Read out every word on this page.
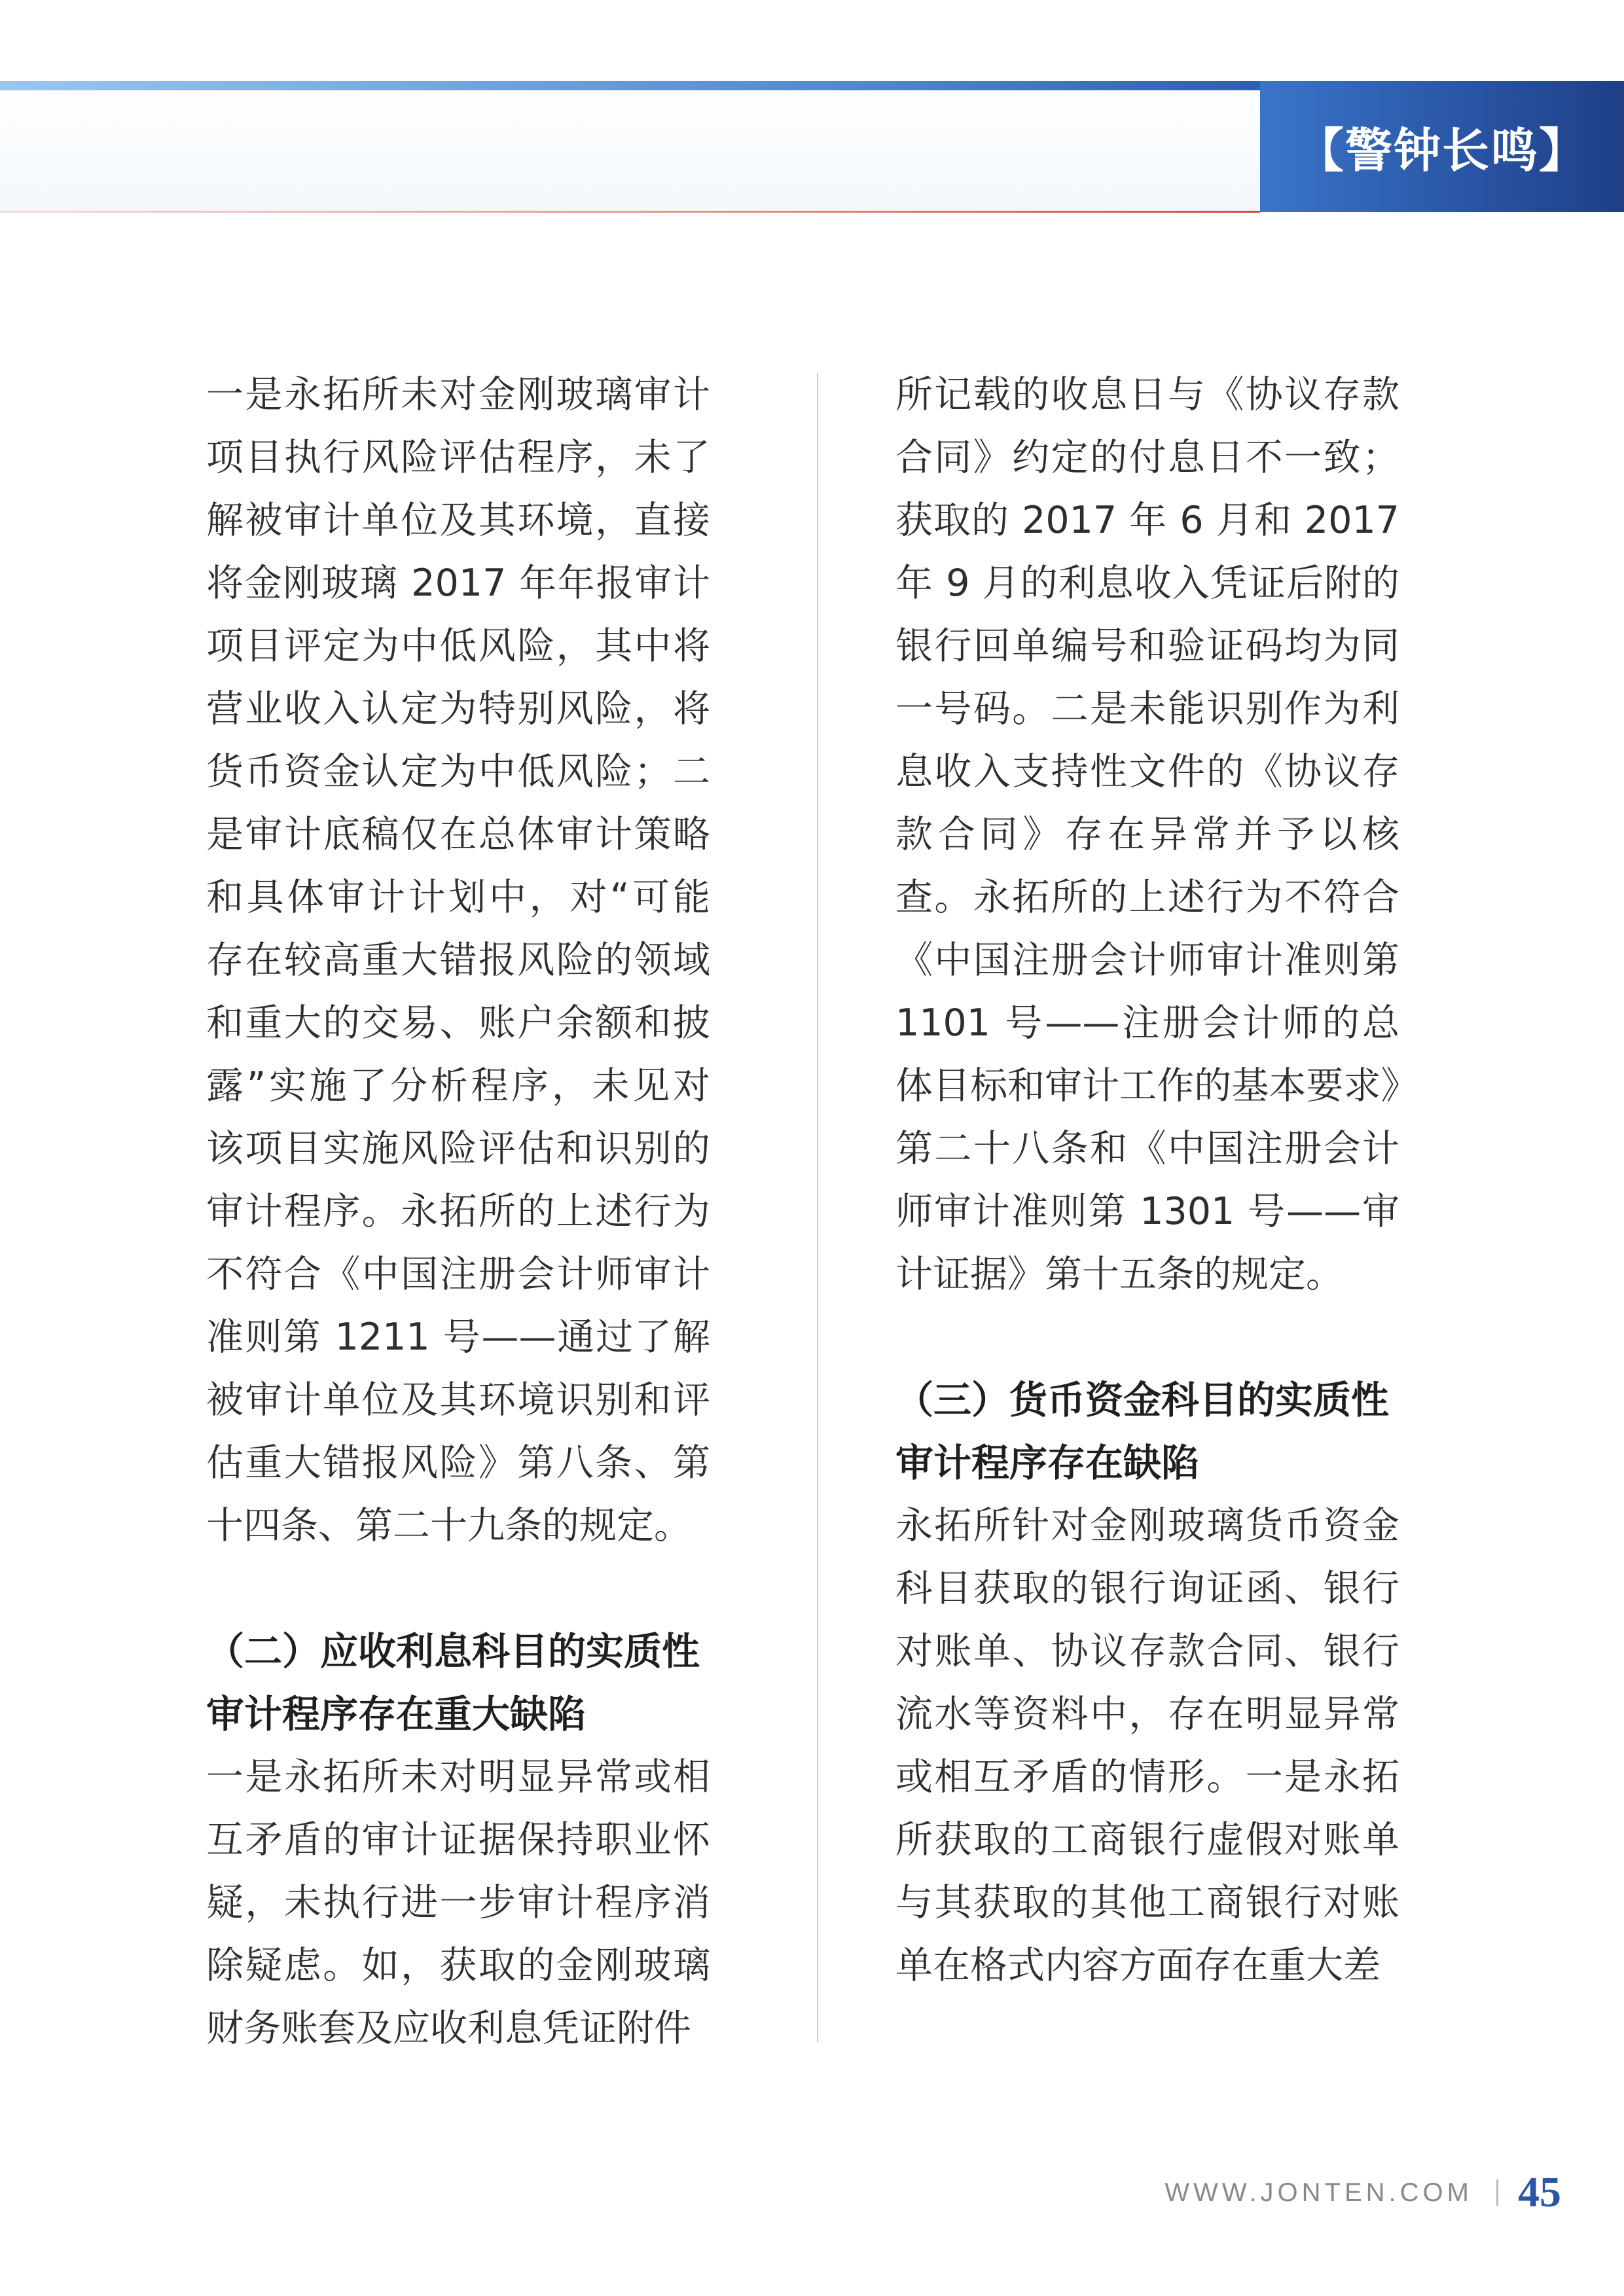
【警钟长鸣】

一是永拓所未对金刚玻璃审计项目执行风险评估程序，未了解被审计单位及其环境，直接将金刚玻璃 2017 年年报审计项目评定为中低风险，其中将营业收入认定为特别风险，将货币资金认定为中低风险；二是审计底稿仅在总体审计策略和具体审计计划中，对“可能存在较高重大错报风险的领域和重大的交易、账户余额和披露”实施了分析程序，未见对该项目实施风险评估和识别的审计程序。永拓所的上述行为不符合《中国注册会计师审计准则第 1211 号——通过了解被审计单位及其环境识别和评估重大错报风险》第八条、第十四条、第二十九条的规定。

（二）应收利息科目的实质性审计程序存在重大缺陷

一是永拓所未对明显异常或相互矛盾的审计证据保持职业怀疑，未执行进一步审计程序消除疑虑。如，获取的金刚玻璃财务账套及应收利息凭证附件

所记载的收息日与《协议存款合同》约定的付息日不一致；获取的 2017 年 6 月和 2017 年 9 月的利息收入凭证后附的银行回单编号和验证码均为同一号码。二是未能识别作为利息收入支持性文件的《协议存款合同》存在异常并予以核查。永拓所的上述行为不符合《中国注册会计师审计准则第 1101 号——注册会计师的总体目标和审计工作的基本要求》第二十八条和《中国注册会计师审计准则第 1301 号——审计证据》第十五条的规定。

（三）货币资金科目的实质性审计程序存在缺陷

永拓所针对金刚玻璃货币资金科目获取的银行询证函、银行对账单、协议存款合同、银行流水等资料中，存在明显异常或相互矛盾的情形。一是永拓所获取的工商银行虚假对账单与其获取的其他工商银行对账单在格式内容方面存在重大差

WWW.JONTEN.COM 45
